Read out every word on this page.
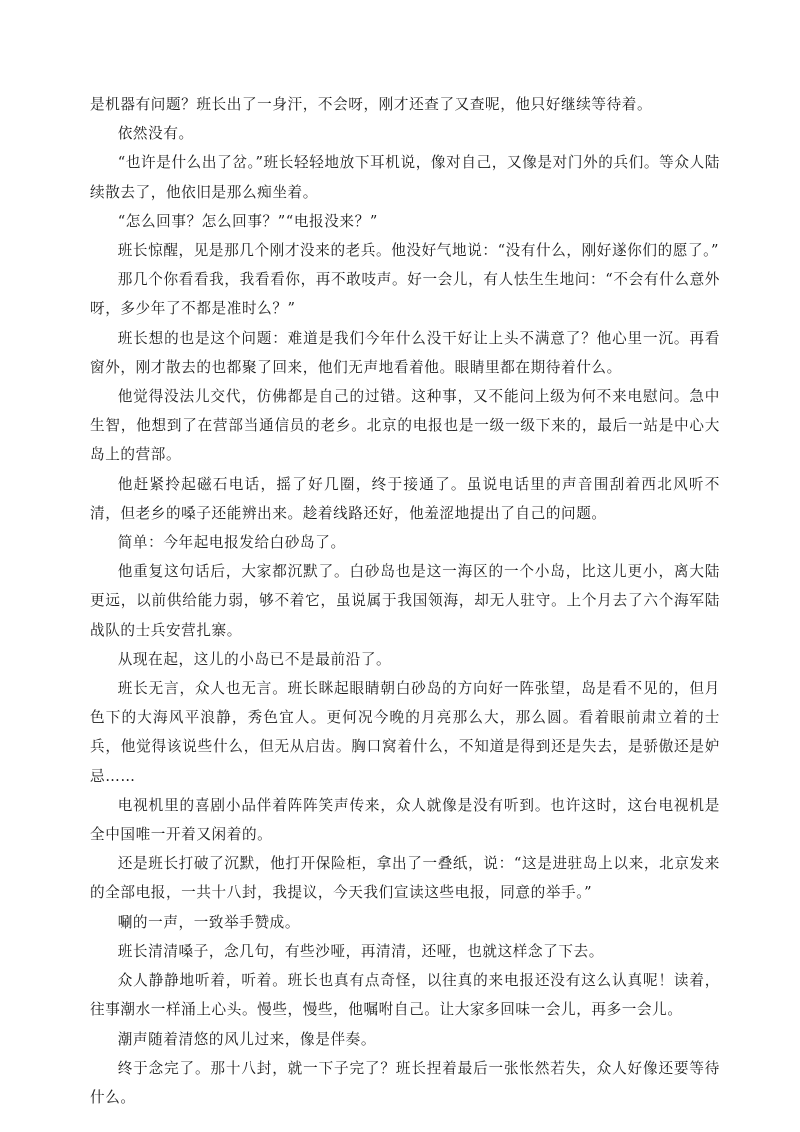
是机器有问题？班长出了一身汗，不会呀，刚才还查了又查呢，他只好继续等待着。

依然没有。

“也许是什么出了岔。”班长轻轻地放下耳机说，像对自己，又像是对门外的兵们。等众人陆续散去了，他依旧是那么痴坐着。

“怎么回事？怎么回事？”“电报没来？”

班长惊醒，见是那几个刚才没来的老兵。他没好气地说：“没有什么，刚好遂你们的愿了。”

那几个你看看我，我看看你，再不敢吱声。好一会儿，有人怯生生地问：“不会有什么意外呀，多少年了不都是准时么？”

班长想的也是这个问题：难道是我们今年什么没干好让上头不满意了？他心里一沉。再看窗外，刚才散去的也都聚了回来，他们无声地看着他。眼睛里都在期待着什么。

他觉得没法儿交代，仿佛都是自己的过错。这种事，又不能问上级为何不来电慰问。急中生智，他想到了在营部当通信员的老乡。北京的电报也是一级一级下来的，最后一站是中心大岛上的营部。

他赶紧拎起磁石电话，摇了好几圈，终于接通了。虽说电话里的声音围刮着西北风听不清，但老乡的嗓子还能辨出来。趁着线路还好，他羞涩地提出了自己的问题。

简单：今年起电报发给白砂岛了。

他重复这句话后，大家都沉默了。白砂岛也是这一海区的一个小岛，比这儿更小，离大陆更远，以前供给能力弱，够不着它，虽说属于我国领海，却无人驻守。上个月去了六个海军陆战队的士兵安营扎寨。

从现在起，这儿的小岛已不是最前沿了。

班长无言，众人也无言。班长眯起眼睛朝白砂岛的方向好一阵张望，岛是看不见的，但月色下的大海风平浪静，秀色宜人。更何况今晚的月亮那么大，那么圆。看着眼前肃立着的士兵，他觉得该说些什么，但无从启齿。胸口窝着什么，不知道是得到还是失去，是骄傲还是妒忌……

电视机里的喜剧小品伴着阵阵笑声传来，众人就像是没有听到。也许这时，这台电视机是全中国唯一开着又闲着的。

还是班长打破了沉默，他打开保险柜，拿出了一叠纸，说：“这是进驻岛上以来，北京发来的全部电报，一共十八封，我提议，今天我们宣读这些电报，同意的举手。”

唰的一声，一致举手赞成。

班长清清嗓子，念几句，有些沙哑，再清清，还哑，也就这样念了下去。

众人静静地听着，听着。班长也真有点奇怪，以往真的来电报还没有这么认真呢！读着，往事潮水一样涌上心头。慢些，慢些，他嘱咐自己。让大家多回味一会儿，再多一会儿。

潮声随着清悠的风儿过来，像是伴奏。

终于念完了。那十八封，就一下子完了？班长捏着最后一张怅然若失，众人好像还要等待什么。
